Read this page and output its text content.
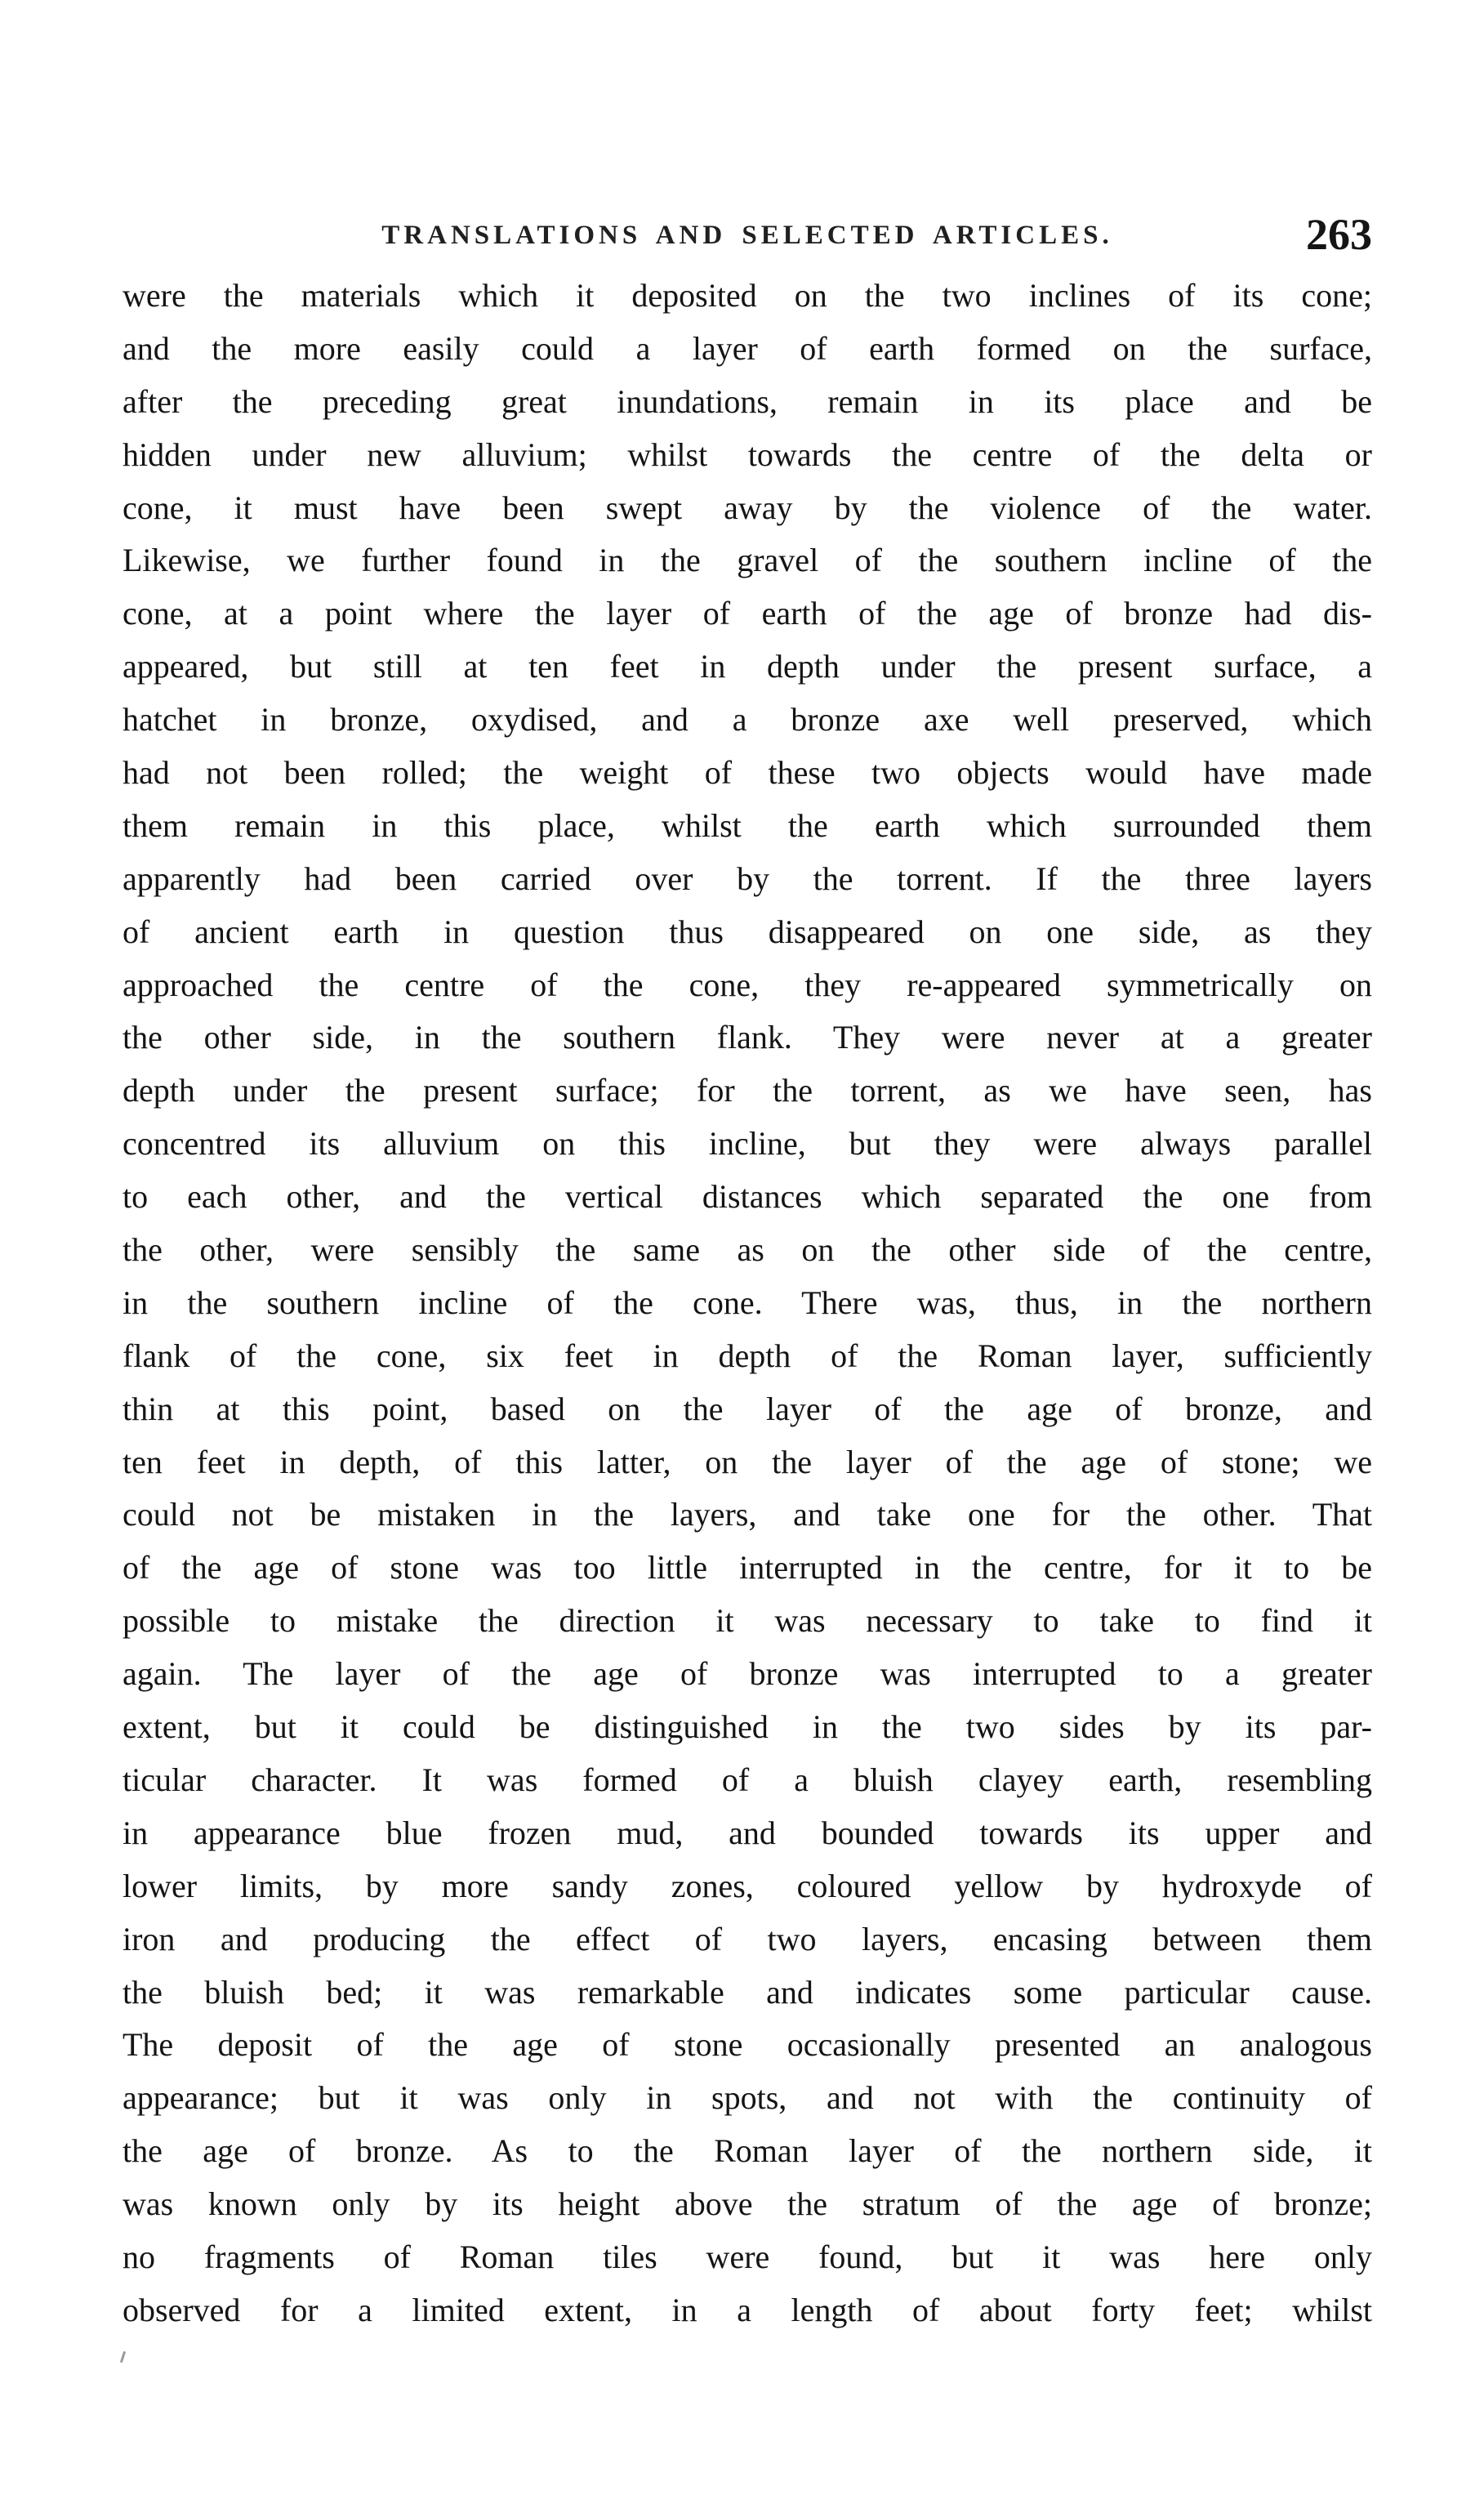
TRANSLATIONS AND SELECTED ARTICLES.	263
were the materials which it deposited on the two inclines of its cone;
and the more easily could a layer of earth formed on the surface,
after the preceding great inundations, remain in its place and be
hidden under new alluvium; whilst towards the centre of the delta or
cone, it must have been swept away by the violence of the water.
Likewise, we further found in the gravel of the southern incline of the
cone, at a point where the layer of earth of the age of bronze had dis-
appeared, but still at ten feet in depth under the present surface, a
hatchet in bronze, oxydised, and a bronze axe well preserved, which
had not been rolled; the weight of these two objects would have made
them remain in this place, whilst the earth which surrounded them
apparently had been carried over by the torrent. If the three layers
of ancient earth in question thus disappeared on one side, as they
approached the centre of the cone, they re-appeared symmetrically on
the other side, in the southern flank. They were never at a greater
depth under the present surface; for the torrent, as we have seen, has
concentred its alluvium on this incline, but they were always parallel
to each other, and the vertical distances which separated the one from
the other, were sensibly the same as on the other side of the centre,
in the southern incline of the cone. There was, thus, in the northern
flank of the cone, six feet in depth of the Roman layer, sufficiently
thin at this point, based on the layer of the age of bronze, and
ten feet in depth, of this latter, on the layer of the age of stone; we
could not be mistaken in the layers, and take one for the other. That
of the age of stone was too little interrupted in the centre, for it to be
possible to mistake the direction it was necessary to take to find it
again. The layer of the age of bronze was interrupted to a greater
extent, but it could be distinguished in the two sides by its par-
ticular character. It was formed of a bluish clayey earth, resembling
in appearance blue frozen mud, and bounded towards its upper and
lower limits, by more sandy zones, coloured yellow by hydroxyde of
iron and producing the effect of two layers, encasing between them
the bluish bed; it was remarkable and indicates some particular cause.
The deposit of the age of stone occasionally presented an analogous
appearance; but it was only in spots, and not with the continuity of
the age of bronze. As to the Roman layer of the northern side, it
was known only by its height above the stratum of the age of bronze;
no fragments of Roman tiles were found, but it was here only
observed for a limited extent, in a length of about forty feet; whilst
